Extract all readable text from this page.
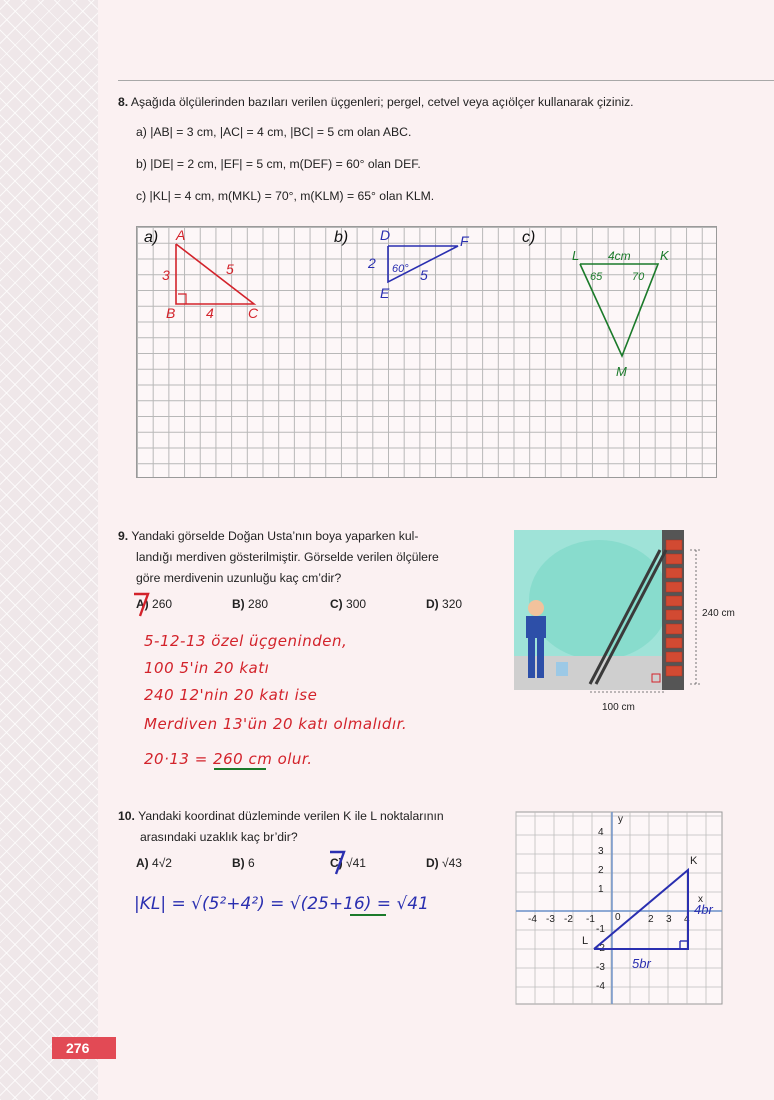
8. Aşağıda ölçülerinden bazıları verilen üçgenleri; pergel, cetvel veya açıölçer kullanarak çiziniz.
a) |AB| = 3 cm, |AC| = 4 cm, |BC| = 5 cm olan ABC.
b) |DE| = 2 cm, |EF| = 5 cm, m(DEF) = 60° olan DEF.
c) |KL| = 4 cm, m(MKL) = 70°, m(KLM) = 65° olan KLM.
a) A
B	C
3	5
4
b) D
E
F
2
5
60°
c)
L	K
M
4cm
65	70
9. Yandaki görselde Doğan Usta’nın boya yaparken kul-
landığı merdiven gösterilmiştir. Görselde verilen ölçülere
göre merdivenin uzunluğu kaç cm’dir?
A) 260	B) 280	C) 300	D) 320
240 cm
100 cm
5-12-13 özel üçgeninden,
100 5'in 20 katı
240 12'nin 20 katı ise
Merdiven 13'ün 20 katı olmalıdır.
20·13 = 260 cm olur.
10. Yandaki koordinat düzleminde verilen K ile L noktalarının
arasındaki uzaklık kaç br’dir?
A) 4√2	B) 6	C) √41	D) √43
|KL| = √(5²+4²) = √(25+16) = √41
y
x
-4 -3 -2 -1 0	2 3 4
4
3
2
1
-1
-2
-3
-4
K
L
4br
5br
276
